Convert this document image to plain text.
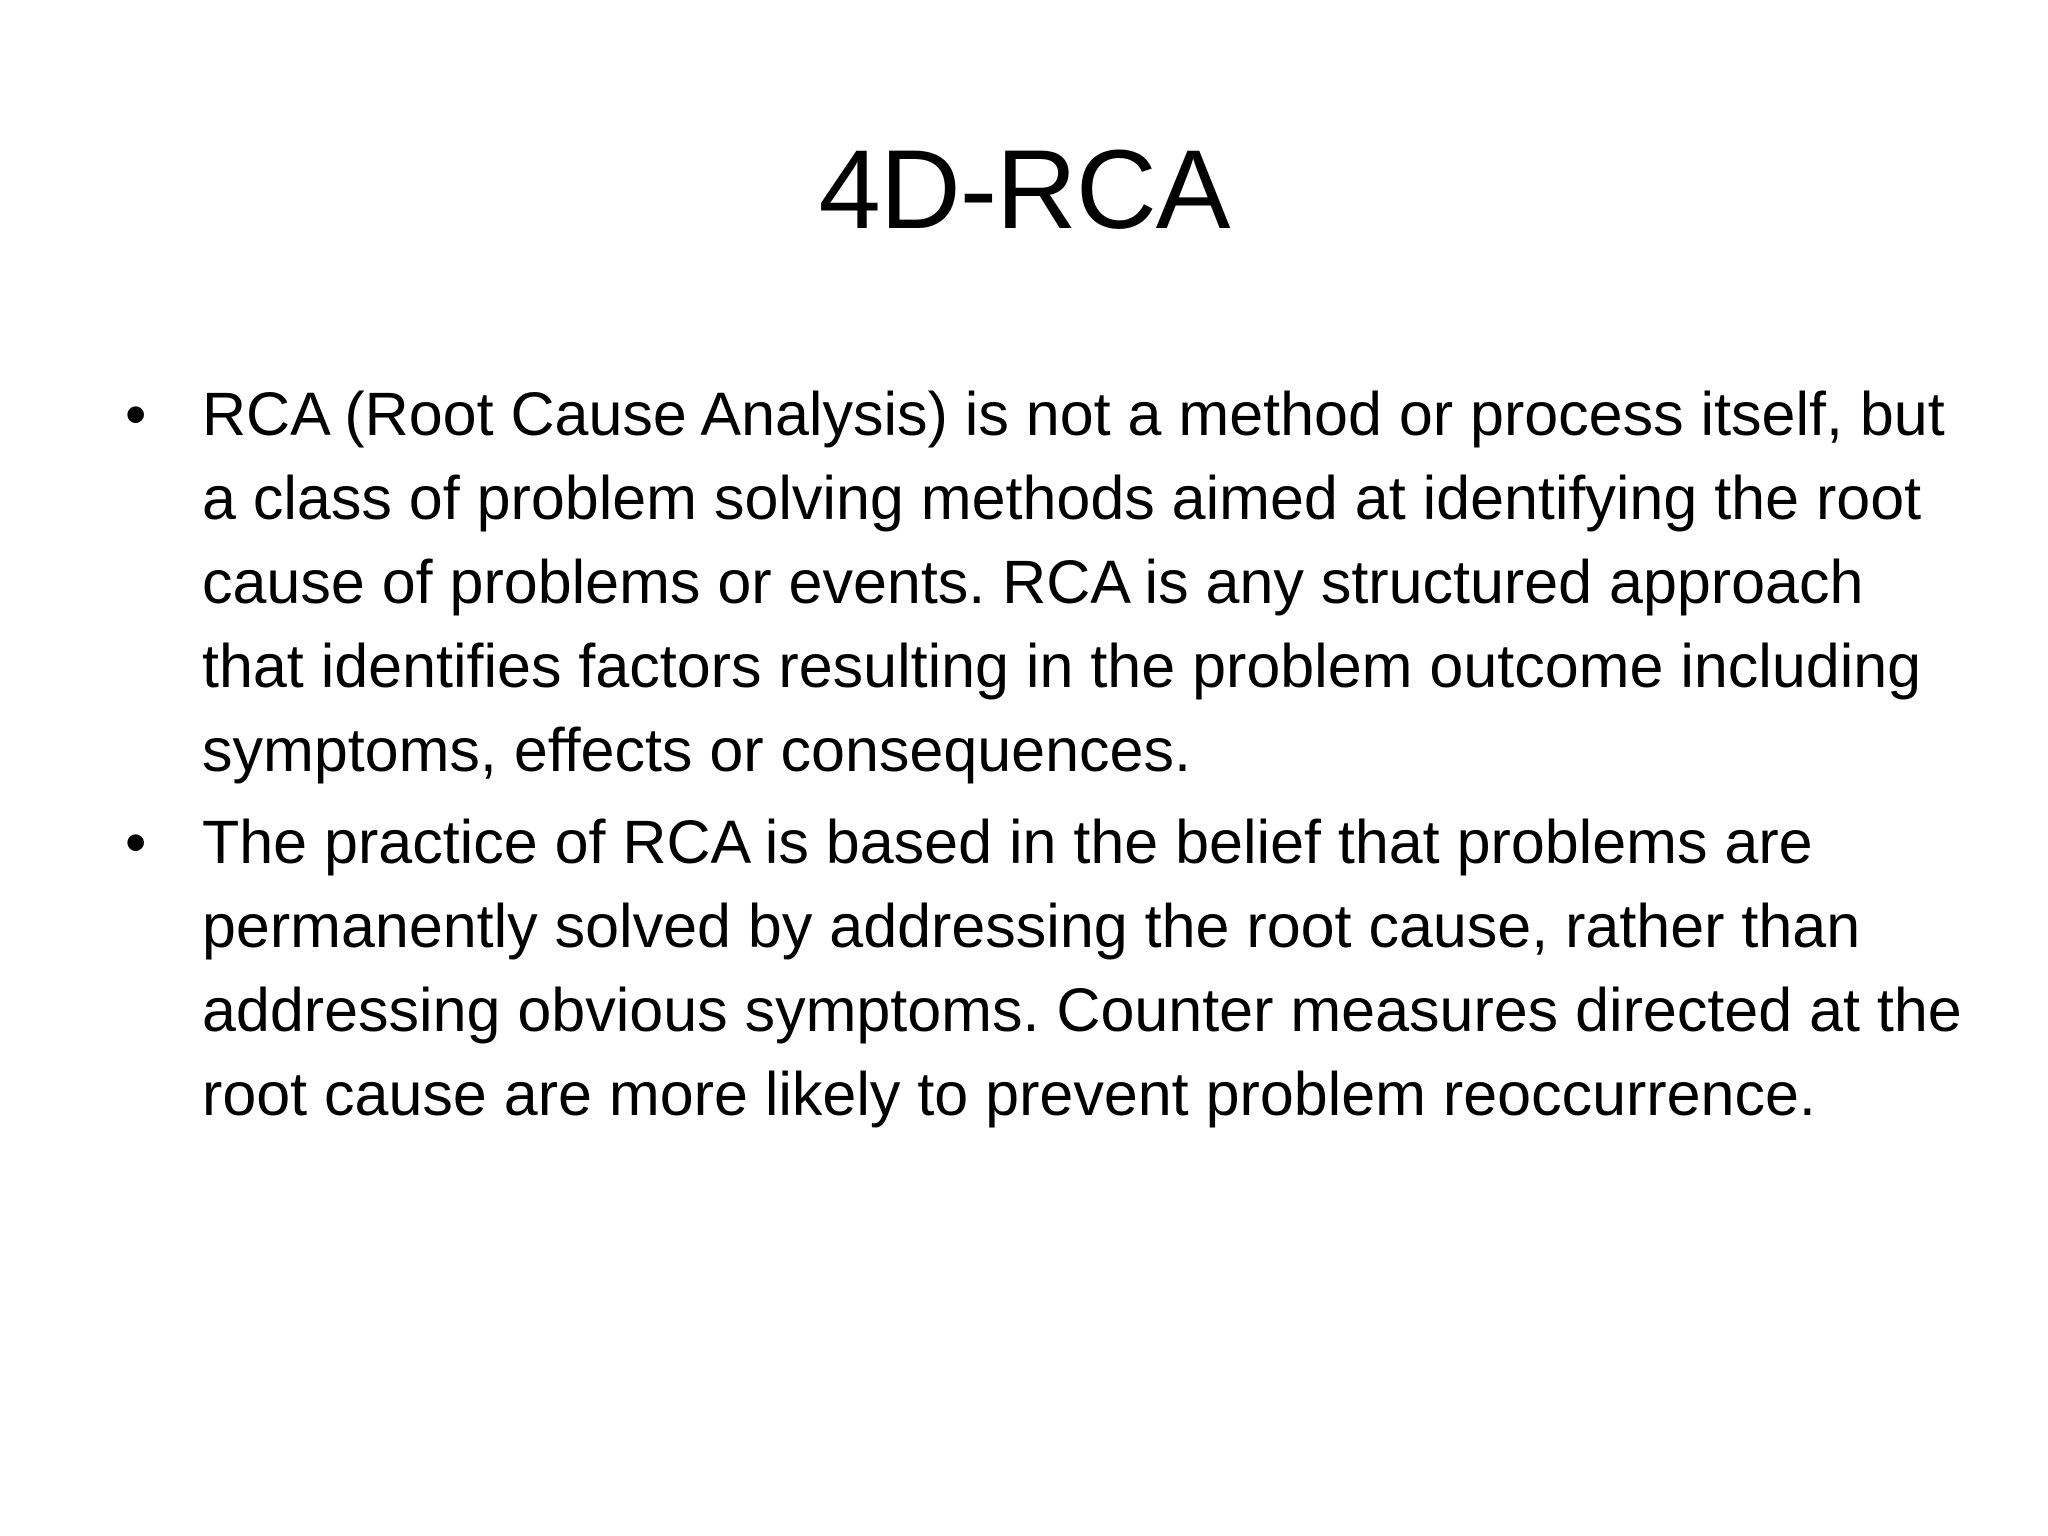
4D-RCA
• RCA (Root Cause Analysis) is not a method or process itself, but a class of problem solving methods aimed at identifying the root cause of problems or events. RCA is any structured approach that identifies factors resulting in the problem outcome including symptoms, effects or consequences.
• The practice of RCA is based in the belief that problems are permanently solved by addressing the root cause, rather than addressing obvious symptoms. Counter measures directed at the root cause are more likely to prevent problem reoccurrence.
